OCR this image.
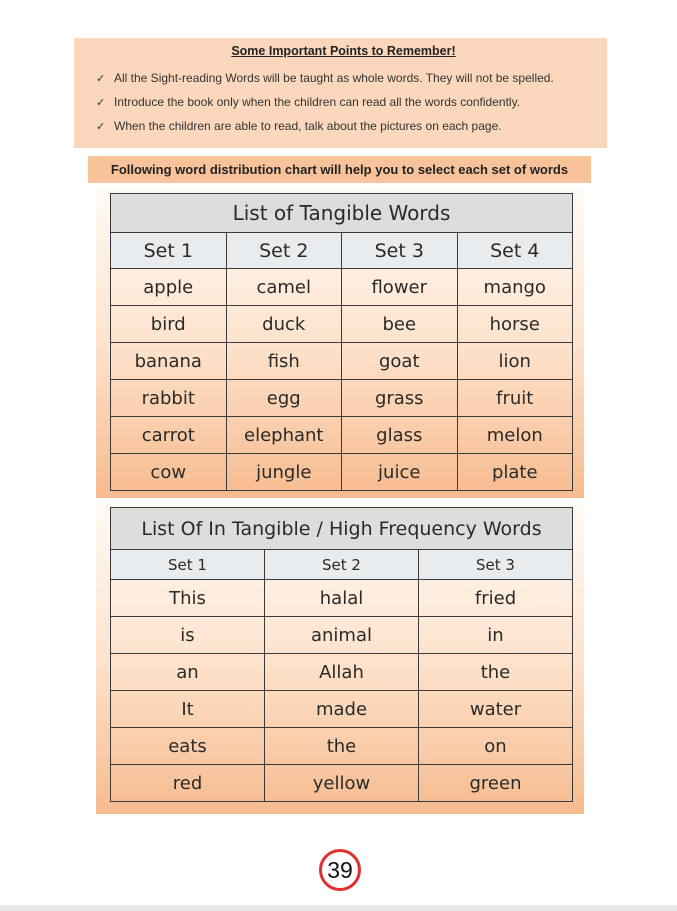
Some Important Points to Remember!
✓ All the Sight-reading Words will be taught as whole words. They will not be spelled.
✓ Introduce the book only when the children can read all the words confidently.
✓ When the children are able to read, talk about the pictures on each page.
Following word distribution chart will help you to select each set of words
List of Tangible Words			
Set 1	Set 2	Set 3	Set 4
apple	camel	flower	mango
bird	duck	bee	horse
banana	fish	goat	lion
rabbit	egg	grass	fruit
carrot	elephant	glass	melon
cow	jungle	juice	plate
List Of In Tangible / High Frequency Words		
Set 1	Set 2	Set 3
This	halal	fried
is	animal	in
an	Allah	the
It	made	water
eats	the	on
red	yellow	green
39
